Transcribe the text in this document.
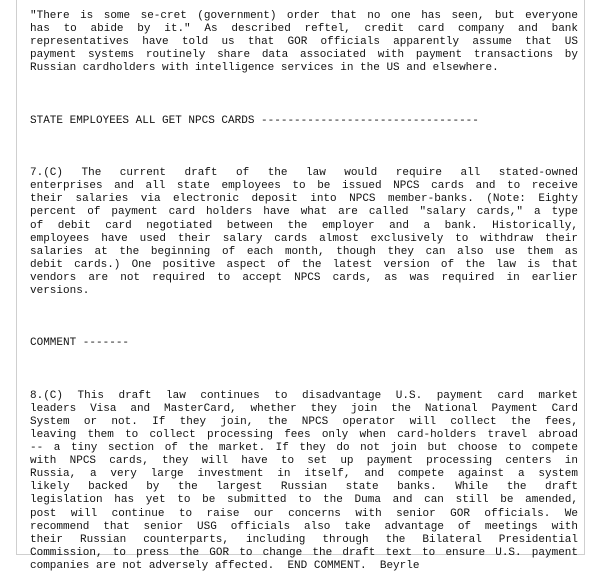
"There is some se-cret (government) order that no one has seen, but everyone
has to abide by it." As described reftel, credit card company and bank
representatives have told us that GOR officials apparently assume that US
payment systems routinely share data associated with payment transactions by
Russian cardholders with intelligence services in the US and elsewhere.
STATE EMPLOYEES ALL GET NPCS CARDS ---------------------------------
7.(C) The current draft of the law would require all stated-owned
enterprises and all state employees to be issued NPCS cards and to receive
their salaries via electronic deposit into NPCS member-banks. (Note: Eighty
percent of payment card holders have what are called "salary cards," a type
of debit card negotiated between the employer and a bank. Historically,
employees have used their salary cards almost exclusively to withdraw their
salaries at the beginning of each month, though they can also use them as
debit cards.) One positive aspect of the latest version of the law is that
vendors are not required to accept NPCS cards, as was required in earlier
versions.
COMMENT -------
8.(C) This draft law continues to disadvantage U.S. payment card market
leaders Visa and MasterCard, whether they join the National Payment Card
System or not. If they join, the NPCS operator will collect the fees,
leaving them to collect processing fees only when card-holders travel abroad
-- a tiny section of the market. If they do not join but choose to compete
with NPCS cards, they will have to set up payment processing centers in
Russia, a very large investment in itself, and compete against a system
likely backed by the largest Russian state banks. While the draft
legislation has yet to be submitted to the Duma and can still be amended,
post will continue to raise our concerns with senior GOR officials. We
recommend that senior USG officials also take advantage of meetings with
their Russian counterparts, including through the Bilateral Presidential
Commission, to press the GOR to change the draft text to ensure U.S. payment
companies are not adversely affected.  END COMMENT.  Beyrle
